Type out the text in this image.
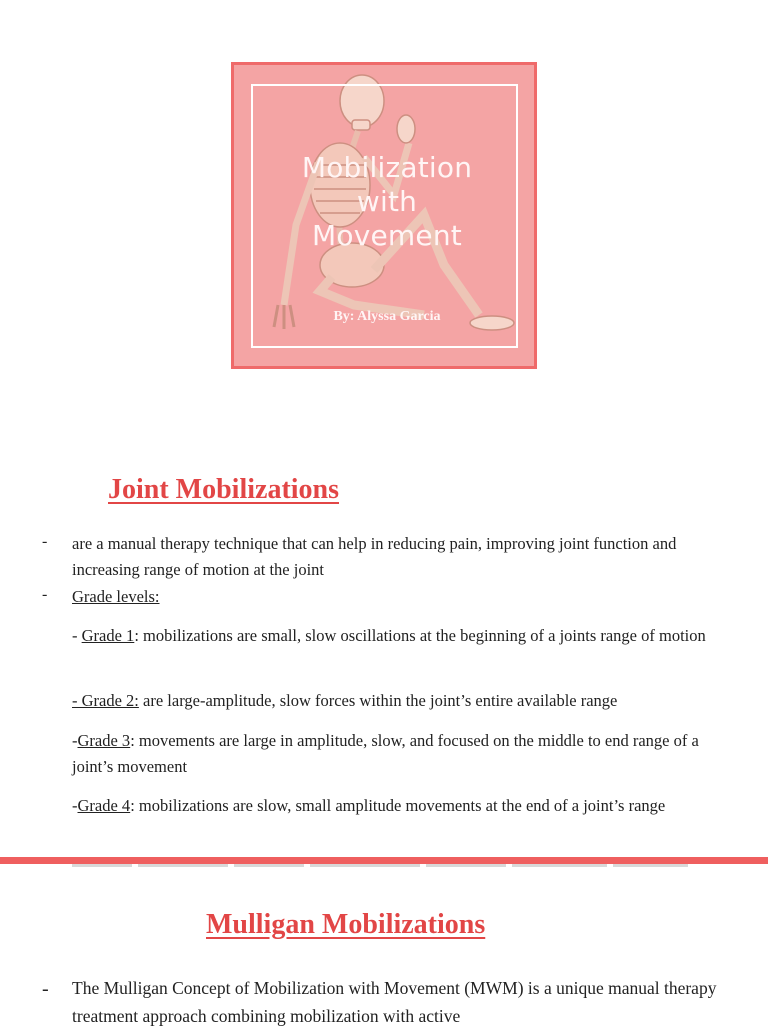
Mobilization
with
Movement
By: Alyssa Garcia
Joint Mobilizations
- are a manual therapy technique that can help in reducing pain, improving joint function and increasing range of motion at the joint
- Grade levels:
- Grade 1: mobilizations are small, slow oscillations at the beginning of a joints range of motion
- Grade 2: are large-amplitude, slow forces within the joint’s entire available range
-Grade 3: movements are large in amplitude, slow, and focused on the middle to end range of a joint’s movement
-Grade 4: mobilizations are slow, small amplitude movements at the end of a joint’s range
Mulligan Mobilizations
- The Mulligan Concept of Mobilization with Movement (MWM) is a unique manual therapy treatment approach combining mobilization with active
